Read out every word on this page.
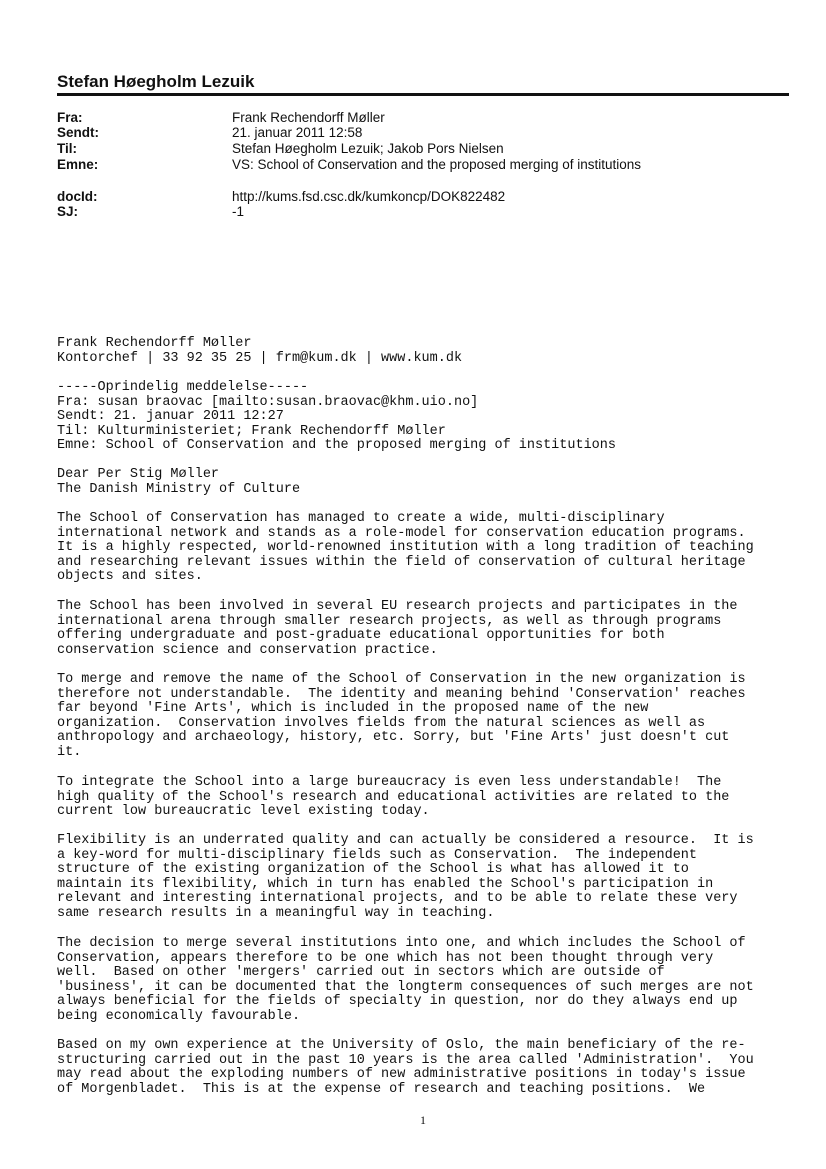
Stefan Høegholm Lezuik
Fra:	Frank Rechendorff Møller
Sendt:	21. januar 2011 12:58
Til:	Stefan Høegholm Lezuik; Jakob Pors Nielsen
Emne:	VS: School of Conservation and the proposed merging of institutions
docId:	http://kums.fsd.csc.dk/kumkoncp/DOK822482
SJ:	-1
Frank Rechendorff Møller
Kontorchef | 33 92 35 25 | frm@kum.dk | www.kum.dk
-----Oprindelig meddelelse-----
Fra: susan braovac [mailto:susan.braovac@khm.uio.no]
Sendt: 21. januar 2011 12:27
Til: Kulturministeriet; Frank Rechendorff Møller
Emne: School of Conservation and the proposed merging of institutions
Dear Per Stig Møller
The Danish Ministry of Culture
The School of Conservation has managed to create a wide, multi-disciplinary
international network and stands as a role-model for conservation education programs.
It is a highly respected, world-renowned institution with a long tradition of teaching
and researching relevant issues within the field of conservation of cultural heritage
objects and sites.
The School has been involved in several EU research projects and participates in the
international arena through smaller research projects, as well as through programs
offering undergraduate and post-graduate educational opportunities for both
conservation science and conservation practice.
To merge and remove the name of the School of Conservation in the new organization is
therefore not understandable.  The identity and meaning behind 'Conservation' reaches
far beyond 'Fine Arts', which is included in the proposed name of the new
organization.  Conservation involves fields from the natural sciences as well as
anthropology and archaeology, history, etc. Sorry, but 'Fine Arts' just doesn't cut
it.
To integrate the School into a large bureaucracy is even less understandable!  The
high quality of the School's research and educational activities are related to the
current low bureaucratic level existing today.
Flexibility is an underrated quality and can actually be considered a resource.  It is
a key-word for multi-disciplinary fields such as Conservation.  The independent
structure of the existing organization of the School is what has allowed it to
maintain its flexibility, which in turn has enabled the School's participation in
relevant and interesting international projects, and to be able to relate these very
same research results in a meaningful way in teaching.
The decision to merge several institutions into one, and which includes the School of
Conservation, appears therefore to be one which has not been thought through very
well.  Based on other 'mergers' carried out in sectors which are outside of
'business', it can be documented that the longterm consequences of such merges are not
always beneficial for the fields of specialty in question, nor do they always end up
being economically favourable.
Based on my own experience at the University of Oslo, the main beneficiary of the re-
structuring carried out in the past 10 years is the area called 'Administration'.  You
may read about the exploding numbers of new administrative positions in today's issue
of Morgenbladet.  This is at the expense of research and teaching positions.  We
1
